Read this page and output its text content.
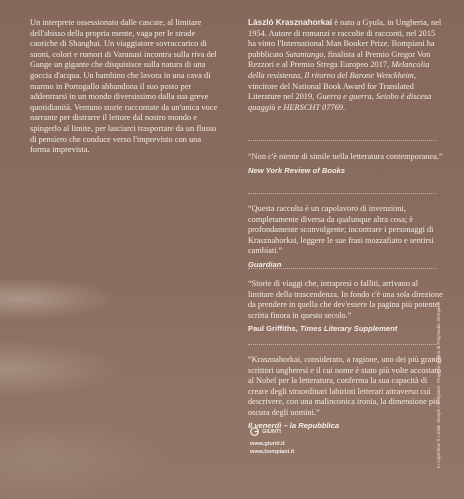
Un interprete ossessionato dalle cascate, al limitare dell'abisso della propria mente, vaga per le strade caotiche di Shanghai. Un viaggiatore sovraccarico di suoni, colori e rumori di Varanasi incontra sulla riva del Gange un gigante che disquisisce sulla natura di una goccia d'acqua. Un bambino che lavora in una cava di marmo in Portogallo abbandona il suo posto per addentrarsi in un mondo diversissimo dalla sua greve quotidianità. Ventuno storie raccontate da un'unica voce narrante per distrarre il lettore dal nostro mondo e spingerlo al limite, per lasciarci trasportare da un flusso di pensiero che conduce verso l'imprevisto con una forma imprevista.

László Krasznahorkai è nato a Gyula, in Ungheria, nel 1954. Autore di romanzi e raccolte di racconti, nel 2015 ha vinto l'International Man Booker Prize. Bompiani ha pubblicato Satantango, finalista al Premio Gregor Von Rezzori e al Premio Strega Europeo 2017, Melancolia della resistenza, Il ritorno del Barone Wenckheim, vincitore del National Book Award for Translated Literature nel 2019, Guerra e guerra, Seiobo è discesa quaggiù e HERSCHT 07769.

“Non c'è niente di simile nella letteratura contemporanea.”
New York Review of Books
“Questa raccolta è un capolavoro di invenzioni, completamente diversa da qualunque altra cosa; è profondamente sconvolgente; incontrare i personaggi di Krasznahorkai, leggere le sue frasi mozzafiato e sentirsi cambiati.”
Guardian
“Storie di viaggi che, intrapresi o falliti, arrivano al limitare della trascendenza. In fondo c'è una sola direzione da prendere in quella che dev'essere la pagina più potente scritta finora in questo secolo.”
Paul Griffiths, Times Literary Supplement
“Krasznahorkai, considerato, a ragione, uno dei più grandi scrittori ungheresi e il cui nome è stato più volte accostato al Nobel per la letteratura, conferma la sua capacità di creare degli straordinari labirinti letterari attraverso cui descrivere, con una malinconica ironia, la dimensione più oscura degli uomini.”
Il venerdì – la Repubblica	In copertina: © Leslie Joseph / Unsplash. Progetto grafico di Polystudio. Bompiani
GIUNTI
www.giunti.it
www.bompiani.it
